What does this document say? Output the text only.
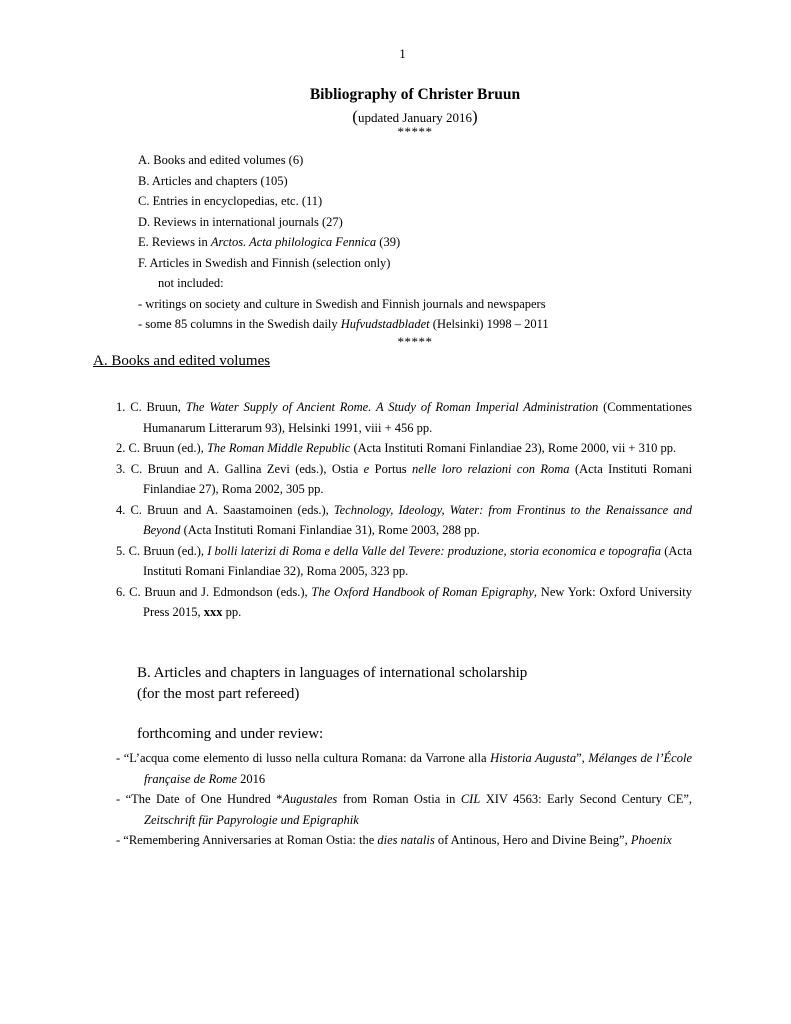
1
Bibliography of Christer Bruun
(updated January 2016)
*****
A. Books and edited volumes (6)
B. Articles and chapters (105)
C. Entries in encyclopedias, etc. (11)
D. Reviews in international journals (27)
E. Reviews in Arctos. Acta philologica Fennica (39)
F. Articles in Swedish and Finnish (selection only)
not included:
- writings on society and culture in Swedish and Finnish journals and newspapers
- some 85 columns in the Swedish daily Hufvudstadbladet (Helsinki) 1998 – 2011
*****
A. Books and edited volumes
1. C. Bruun, The Water Supply of Ancient Rome. A Study of Roman Imperial Administration (Commentationes Humanarum Litterarum 93), Helsinki 1991, viii + 456 pp.
2. C. Bruun (ed.), The Roman Middle Republic (Acta Instituti Romani Finlandiae 23), Rome 2000, vii + 310 pp.
3. C. Bruun and A. Gallina Zevi (eds.), Ostia e Portus nelle loro relazioni con Roma (Acta Instituti Romani Finlandiae 27), Roma 2002, 305 pp.
4. C. Bruun and A. Saastamoinen (eds.), Technology, Ideology, Water: from Frontinus to the Renaissance and Beyond (Acta Instituti Romani Finlandiae 31), Rome 2003, 288 pp.
5. C. Bruun (ed.), I bolli laterizi di Roma e della Valle del Tevere: produzione, storia economica e topografia (Acta Instituti Romani Finlandiae 32), Roma 2005, 323 pp.
6. C. Bruun and J. Edmondson (eds.), The Oxford Handbook of Roman Epigraphy, New York: Oxford University Press 2015, xxx pp.
B. Articles and chapters in languages of international scholarship
(for the most part refereed)
forthcoming and under review:
- “L’acqua come elemento di lusso nella cultura Romana: da Varrone alla Historia Augusta”, Mélanges de l’École française de Rome 2016
- “The Date of One Hundred *Augustales from Roman Ostia in CIL XIV 4563: Early Second Century CE”, Zeitschrift für Papyrologie und Epigraphik
- “Remembering Anniversaries at Roman Ostia: the dies natalis of Antinous, Hero and Divine Being”, Phoenix
